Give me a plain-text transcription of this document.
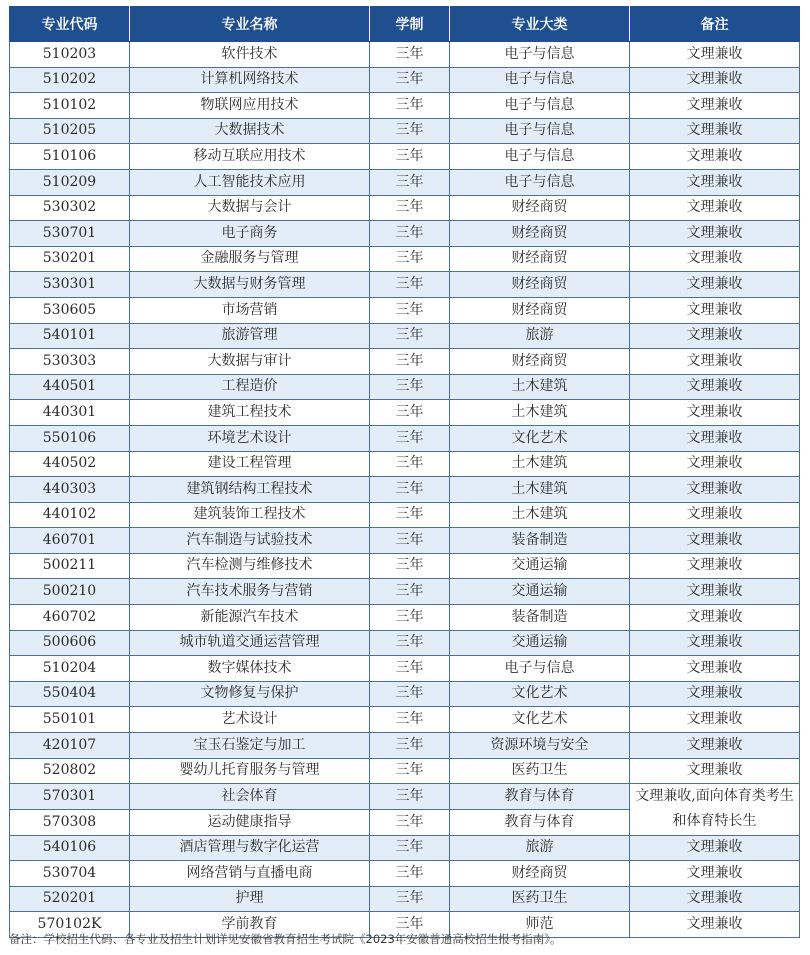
专业代码	专业名称	学制	专业大类	备注
510203	软件技术	三年	电子与信息	文理兼收
510202	计算机网络技术	三年	电子与信息	文理兼收
510102	物联网应用技术	三年	电子与信息	文理兼收
510205	大数据技术	三年	电子与信息	文理兼收
510106	移动互联应用技术	三年	电子与信息	文理兼收
510209	人工智能技术应用	三年	电子与信息	文理兼收
530302	大数据与会计	三年	财经商贸	文理兼收
530701	电子商务	三年	财经商贸	文理兼收
530201	金融服务与管理	三年	财经商贸	文理兼收
530301	大数据与财务管理	三年	财经商贸	文理兼收
530605	市场营销	三年	财经商贸	文理兼收
540101	旅游管理	三年	旅游	文理兼收
530303	大数据与审计	三年	财经商贸	文理兼收
440501	工程造价	三年	土木建筑	文理兼收
440301	建筑工程技术	三年	土木建筑	文理兼收
550106	环境艺术设计	三年	文化艺术	文理兼收
440502	建设工程管理	三年	土木建筑	文理兼收
440303	建筑钢结构工程技术	三年	土木建筑	文理兼收
440102	建筑装饰工程技术	三年	土木建筑	文理兼收
460701	汽车制造与试验技术	三年	装备制造	文理兼收
500211	汽车检测与维修技术	三年	交通运输	文理兼收
500210	汽车技术服务与营销	三年	交通运输	文理兼收
460702	新能源汽车技术	三年	装备制造	文理兼收
500606	城市轨道交通运营管理	三年	交通运输	文理兼收
510204	数字媒体技术	三年	电子与信息	文理兼收
550404	文物修复与保护	三年	文化艺术	文理兼收
550101	艺术设计	三年	文化艺术	文理兼收
420107	宝玉石鉴定与加工	三年	资源环境与安全	文理兼收
520802	婴幼儿托育服务与管理	三年	医药卫生	文理兼收
570301	社会体育	三年	教育与体育	文理兼收,面向体育类考生和体育特长生
570308	运动健康指导	三年	教育与体育	
540106	酒店管理与数字化运营	三年	旅游	文理兼收
530704	网络营销与直播电商	三年	财经商贸	文理兼收
520201	护理	三年	医药卫生	文理兼收
570102K	学前教育	三年	师范	文理兼收
备注：学校招生代码、各专业及招生计划详见安徽省教育招生考试院《2023年安徽普通高校招生报考指南》。
